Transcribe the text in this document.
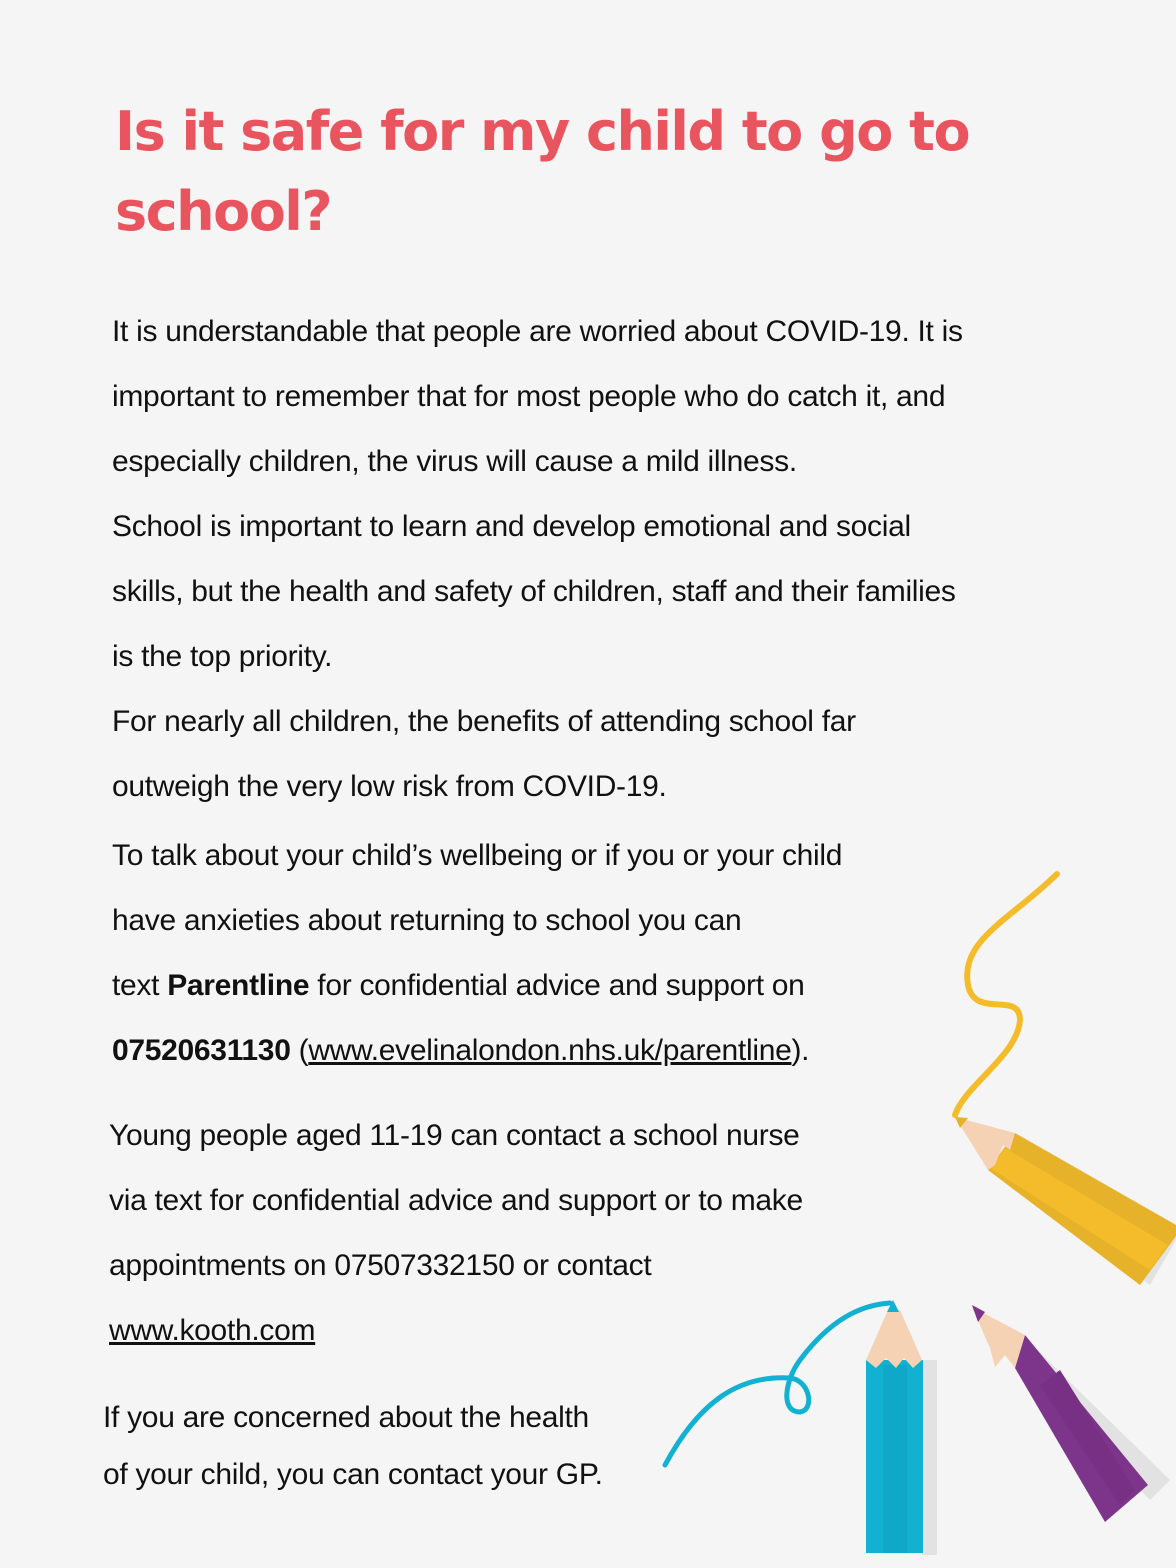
Is it safe for my child to go to school?
It is understandable that people are worried about COVID-19. It is
important to remember that for most people who do catch it, and
especially children, the virus will cause a mild illness.
School is important to learn and develop emotional and social
skills, but the health and safety of children, staff and their families
is the top priority.
For nearly all children, the benefits of attending school far
outweigh the very low risk from COVID-19.
To talk about your child’s wellbeing or if you or your child
have anxieties about returning to school you can
text Parentline for confidential advice and support on
07520631130 (www.evelinalondon.nhs.uk/parentline).
Young people aged 11-19 can contact a school nurse
via text for confidential advice and support or to make
appointments on 07507332150 or contact
www.kooth.com
If you are concerned about the health
of your child, you can contact your GP.
